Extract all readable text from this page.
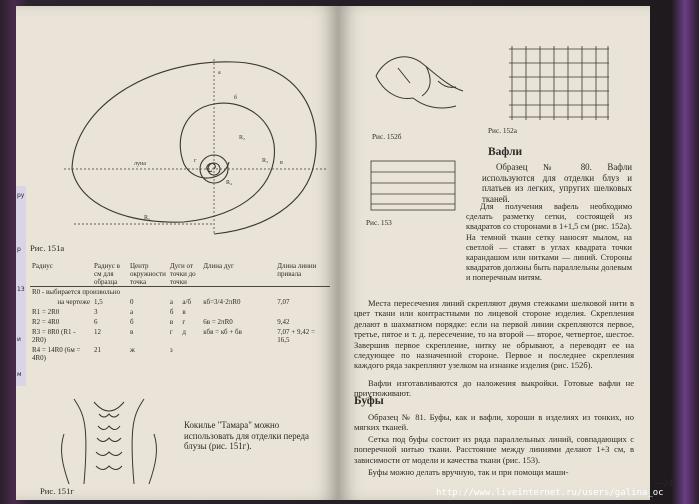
ру
р
13
и
м
луна
R₁
R₂
R₃
R₄
а
б
в
г
Рис. 151а
Радиус	Радиус в см для образца	Центр окружности точка	Дуги от точки до точки		Длина дуг	Длина линии привала
R0 - выбирается произвольно						
на чертеже	1,5	0	а	а/б	кб=3/4·2πR0	7,07
R1 = 2R0	3	а	б	в		
R2 = 4R0	6	б	в	г	6в = 2πR0	9,42
R3 = 8R0 (R1 - 2R0)	12	в	г	д	кбв = кб + бв	7,07 + 9,42 = 16,5
R4 = 14R0 (6м = 4R0)	21	ж	з			
Кокилье "Тамара" можно использовать для отделки переда блузы (рис. 151г).
Рис. 151г
Рис. 152б
Рис. 152а
Рис. 153
Вафли
Образец № 80. Вафли используются для отделки блуз и платьев из легких, упругих шелковых тканей.
Для получения вафель необходимо сделать разметку сетки, состоящей из квадратов со сторонами в 1+1,5 см (рис. 152а). На темной ткани сетку наносят мылом, на светлой — ставят в углах квадрата точки карандашом или нитками — линий. Стороны квадратов должны быть параллельны долевым и поперечным нитям.
Места пересечения линий скрепляют двумя стежками шелковой нити в цвет ткани или контрастными по лицевой стороне изделия. Скрепления делают в шахматном порядке: если на первой линии скрепляются первое, третье, пятое и т. д. пересечение, то на второй — второе, четвертое, шестое. Завершив первое скрепление, нитку не обрывают, а переводят ее на следующее по назначенной стороне. Первое и последнее скрепления каждого ряда закрепляют узелком на изнанке изделия (рис. 152б).
Вафли изготавливаются до наложения выкройки. Готовые вафли не приутюживают.
Буфы
Образец № 81. Буфы, как и вафли, хороши в изделиях из тонких, но мягких тканей.
Сетка под буфы состоит из ряда параллельных линий, совпадающих с поперечной нитью ткани. Расстояние между линиями делают 1+3 см, в зависимости от модели и качества ткани (рис. 153).
Буфы можно делать вручную, так и при помощи маши-
—243
http://www.liveinternet.ru/users/galina_oc
